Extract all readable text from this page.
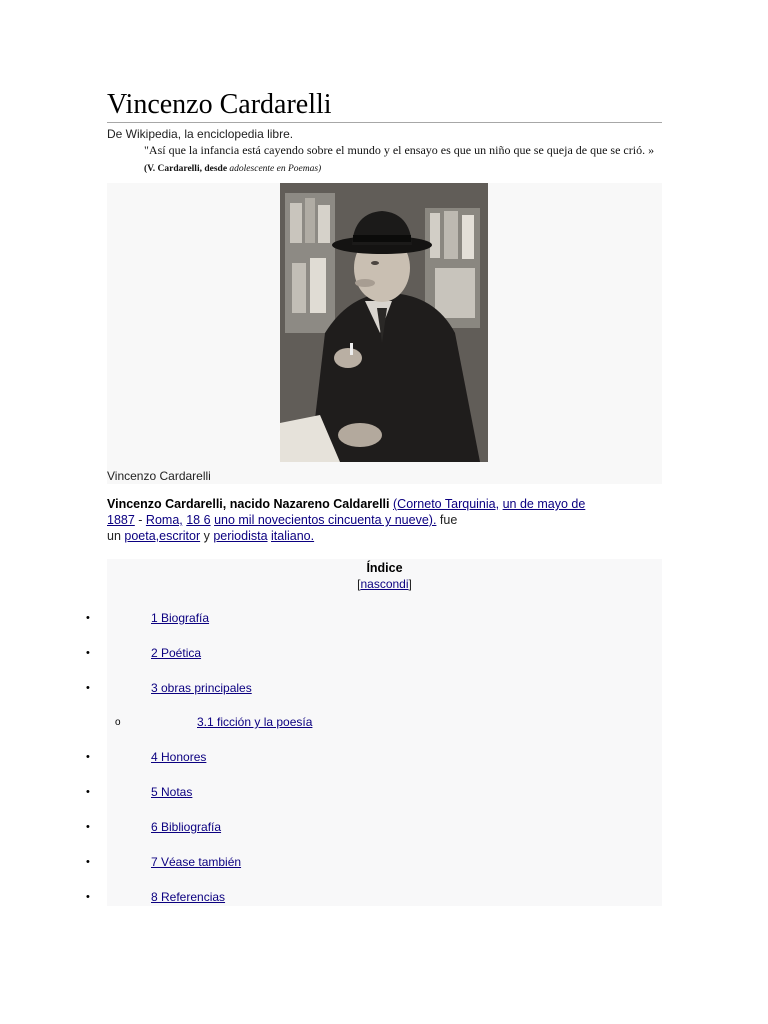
Vincenzo Cardarelli
De Wikipedia, la enciclopedia libre.
"Así que la infancia está cayendo sobre el mundo y el ensayo es que un niño que se queja de que se crió. »
(V. Cardarelli, desde adolescente en Poemas)
Vincenzo Cardarelli
Vincenzo Cardarelli, nacido Nazareno Caldarelli (Corneto Tarquinia, un de mayo de 1887 - Roma, 18 6 uno mil novecientos cincuenta y nueve). fue
un poeta,escritor y periodista italiano.
Índice
[nascondi]
•	1 Biografía
•	2 Poética
•	3 obras principales
o	3.1 ficción y la poesía
•	4 Honores
•	5 Notas
•	6 Bibliografía
•	7 Véase también
•	8 Referencias
